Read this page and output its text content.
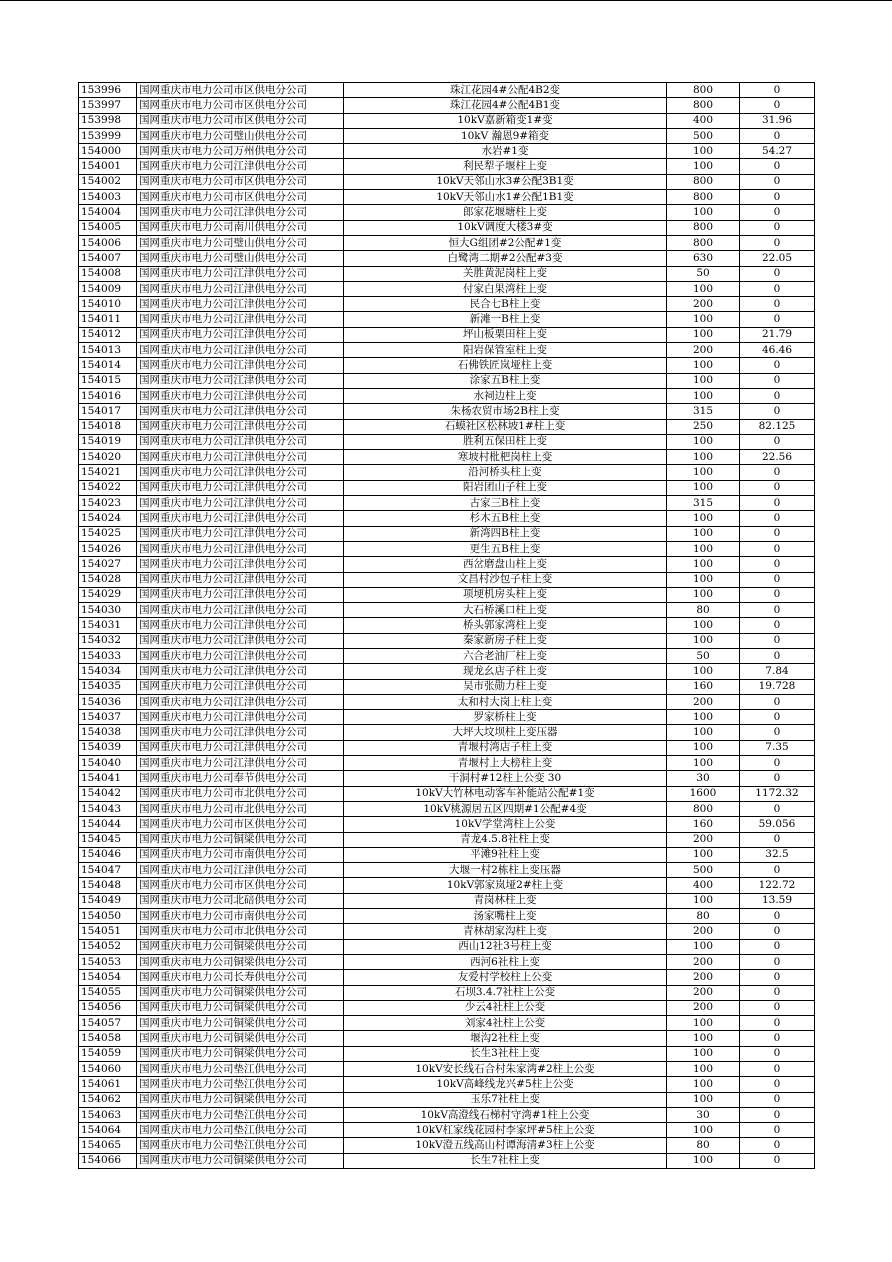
153996	国网重庆市电力公司市区供电分公司	珠江花园4#公配4B2变	800	0
153997	国网重庆市电力公司市区供电分公司	珠江花园4#公配4B1变	800	0
153998	国网重庆市电力公司市区供电分公司	10kV嘉新箱变1#变	400	31.96
153999	国网重庆市电力公司璧山供电分公司	10kV 瀚恩9#箱变	500	0
154000	国网重庆市电力公司万州供电分公司	水岩#1变	100	54.27
154001	国网重庆市电力公司江津供电分公司	利民犁子堰柱上变	100	0
154002	国网重庆市电力公司市区供电分公司	10kV天邻山水3#公配3B1变	800	0
154003	国网重庆市电力公司市区供电分公司	10kV天邻山水1#公配1B1变	800	0
154004	国网重庆市电力公司江津供电分公司	郎家花堰塘柱上变	100	0
154005	国网重庆市电力公司南川供电分公司	10kV调度大楼3#变	800	0
154006	国网重庆市电力公司璧山供电分公司	恒大G组团#2公配#1变	800	0
154007	国网重庆市电力公司璧山供电分公司	白鹭湾二期#2公配#3变	630	22.05
154008	国网重庆市电力公司江津供电分公司	关胜黄泥岗柱上变	50	0
154009	国网重庆市电力公司江津供电分公司	付家白果湾柱上变	100	0
154010	国网重庆市电力公司江津供电分公司	民合七B柱上变	200	0
154011	国网重庆市电力公司江津供电分公司	新滩一B柱上变	100	0
154012	国网重庆市电力公司江津供电分公司	坪山板栗田柱上变	100	21.79
154013	国网重庆市电力公司江津供电分公司	阳岩保管室柱上变	200	46.46
154014	国网重庆市电力公司江津供电分公司	石佛铁匠岚垭柱上变	100	0
154015	国网重庆市电力公司江津供电分公司	涂家五B柱上变	100	0
154016	国网重庆市电力公司江津供电分公司	水祠边柱上变	100	0
154017	国网重庆市电力公司江津供电分公司	朱杨农贸市场2B柱上变	315	0
154018	国网重庆市电力公司江津供电分公司	石蟆社区松林坡1#柱上变	250	82.125
154019	国网重庆市电力公司江津供电分公司	胜利五保田柱上变	100	0
154020	国网重庆市电力公司江津供电分公司	寒坡村枇杷岗柱上变	100	22.56
154021	国网重庆市电力公司江津供电分公司	沿河桥头柱上变	100	0
154022	国网重庆市电力公司江津供电分公司	阳岩团山子柱上变	100	0
154023	国网重庆市电力公司江津供电分公司	古家三B柱上变	315	0
154024	国网重庆市电力公司江津供电分公司	杉木五B柱上变	100	0
154025	国网重庆市电力公司江津供电分公司	新湾四B柱上变	100	0
154026	国网重庆市电力公司江津供电分公司	更生五B柱上变	100	0
154027	国网重庆市电力公司江津供电分公司	西岔磨盘山柱上变	100	0
154028	国网重庆市电力公司江津供电分公司	文昌村沙包子柱上变	100	0
154029	国网重庆市电力公司江津供电分公司	项埂机房头柱上变	100	0
154030	国网重庆市电力公司江津供电分公司	大石桥溪口柱上变	80	0
154031	国网重庆市电力公司江津供电分公司	桥头郭家湾柱上变	100	0
154032	国网重庆市电力公司江津供电分公司	秦家新房子柱上变	100	0
154033	国网重庆市电力公司江津供电分公司	六合老油厂柱上变	50	0
154034	国网重庆市电力公司江津供电分公司	现龙幺店子柱上变	100	7.84
154035	国网重庆市电力公司江津供电分公司	吴市张勋力柱上变	160	19.728
154036	国网重庆市电力公司江津供电分公司	太和村大岗上柱上变	200	0
154037	国网重庆市电力公司江津供电分公司	罗家桥柱上变	100	0
154038	国网重庆市电力公司江津供电分公司	大坪大坟坝柱上变压器	100	0
154039	国网重庆市电力公司江津供电分公司	青堰村湾店子柱上变	100	7.35
154040	国网重庆市电力公司江津供电分公司	青堰村上大榜柱上变	100	0
154041	国网重庆市电力公司奉节供电分公司	干洞村#12柱上公变 30	30	0
154042	国网重庆市电力公司市北供电分公司	10kV大竹林电动客车补能站公配#1变	1600	1172.32
154043	国网重庆市电力公司市北供电分公司	10kV桃源居五区四期#1公配#4变	800	0
154044	国网重庆市电力公司市区供电分公司	10kV学堂湾柱上公变	160	59.056
154045	国网重庆市电力公司铜梁供电分公司	青龙4.5.8社柱上变	200	0
154046	国网重庆市电力公司市南供电分公司	平滩9社柱上变	100	32.5
154047	国网重庆市电力公司江津供电分公司	大堰一村2栋柱上变压器	500	0
154048	国网重庆市电力公司市区供电分公司	10kV郭家岚垭2#柱上变	400	122.72
154049	国网重庆市电力公司北碚供电分公司	青岗林柱上变	100	13.59
154050	国网重庆市电力公司市南供电分公司	汤家嘴柱上变	80	0
154051	国网重庆市电力公司市北供电分公司	青林胡家沟柱上变	200	0
154052	国网重庆市电力公司铜梁供电分公司	西山12社3号柱上变	100	0
154053	国网重庆市电力公司铜梁供电分公司	西河6社柱上变	200	0
154054	国网重庆市电力公司长寿供电分公司	友爱村学校柱上公变	200	0
154055	国网重庆市电力公司铜梁供电分公司	石坝3.4.7社柱上公变	200	0
154056	国网重庆市电力公司铜梁供电分公司	少云4社柱上公变	200	0
154057	国网重庆市电力公司铜梁供电分公司	刘家4社柱上公变	100	0
154058	国网重庆市电力公司铜梁供电分公司	堰沟2社柱上变	100	0
154059	国网重庆市电力公司铜梁供电分公司	长生3社柱上变	100	0
154060	国网重庆市电力公司垫江供电分公司	10kV安长线石合村朱家湾#2柱上公变	100	0
154061	国网重庆市电力公司垫江供电分公司	10kV高峰线龙兴#5柱上公变	100	0
154062	国网重庆市电力公司铜梁供电分公司	玉乐7社柱上变	100	0
154063	国网重庆市电力公司垫江供电分公司	10kV高澄线石梯村守湾#1柱上公变	30	0
154064	国网重庆市电力公司垫江供电分公司	10kV杠家线花园村李家坪#5柱上公变	100	0
154065	国网重庆市电力公司垫江供电分公司	10kV澄五线高山村谭海清#3柱上公变	80	0
154066	国网重庆市电力公司铜梁供电分公司	长生7社柱上变	100	0
